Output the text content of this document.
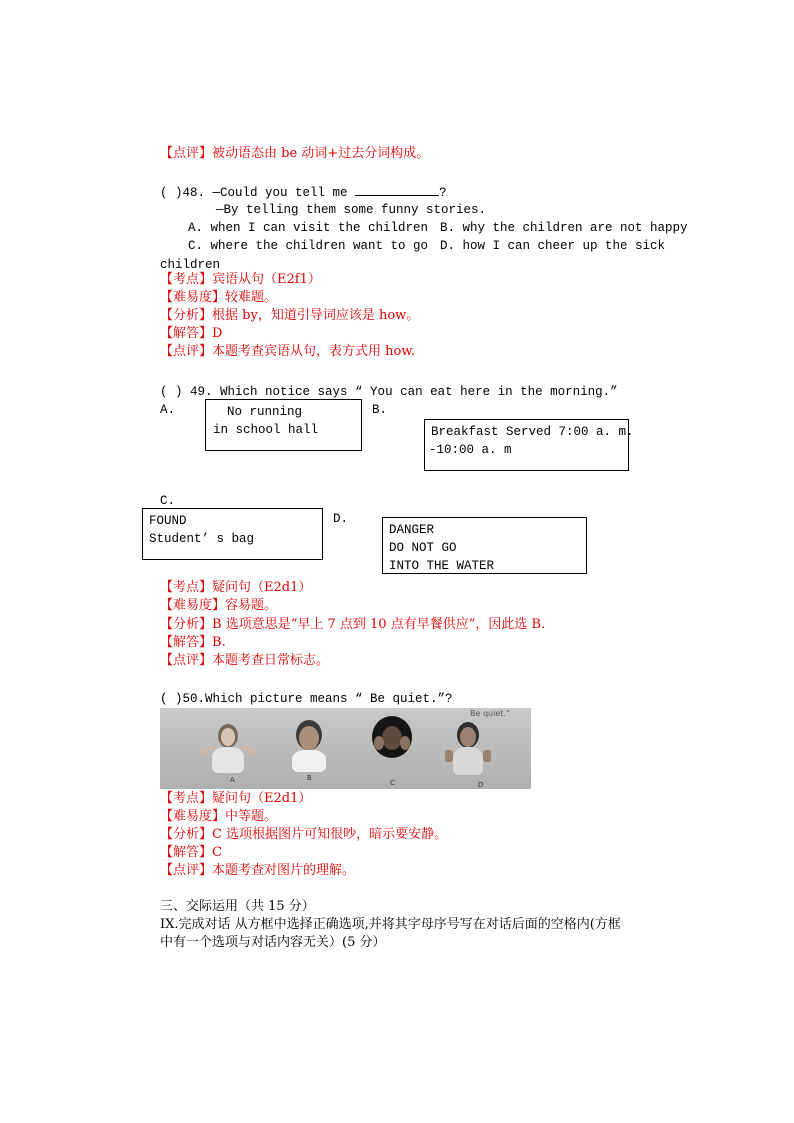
【点评】被动语态由 be 动词+过去分词构成。
( )48. —Could you tell me	?
—By telling them some funny stories.
A. when I can visit the children B. why the children are not happy
C. where the children want to go D. how I can cheer up the sick
children
【考点】宾语从句（E2f1）
【难易度】较难题。
【分析】根据 by，知道引导词应该是 how。
【解答】D
【点评】本题考查宾语从句，表方式用 how.
( ) 49. Which notice says “ You can eat here in the morning.”
A.	No running
in school hall
B.
Breakfast Served 7:00 a. m.
-10:00 a. m
C.
FOUND
Student’ s bag
D.
DANGER
DO NOT GO
INTO THE WATER
【考点】疑问句（E2d1）
【难易度】容易题。
【分析】B 选项意思是“早上 7 点到 10 点有早餐供应”，因此选 B.
【解答】B.
【点评】本题考查日常标志。
( )50.Which picture means “ Be quiet.”?
Be quiet.”
A	B
C	D
【考点】疑问句（E2d1）
【难易度】中等题。
【分析】C 选项根据图片可知很吵，暗示要安静。
【解答】C
【点评】本题考查对图片的理解。
三、交际运用（共 15 分）
IX.完成对话 从方框中选择正确选项,并将其字母序号写在对话后面的空格内(方框
中有一个选项与对话内容无关）(5 分）
